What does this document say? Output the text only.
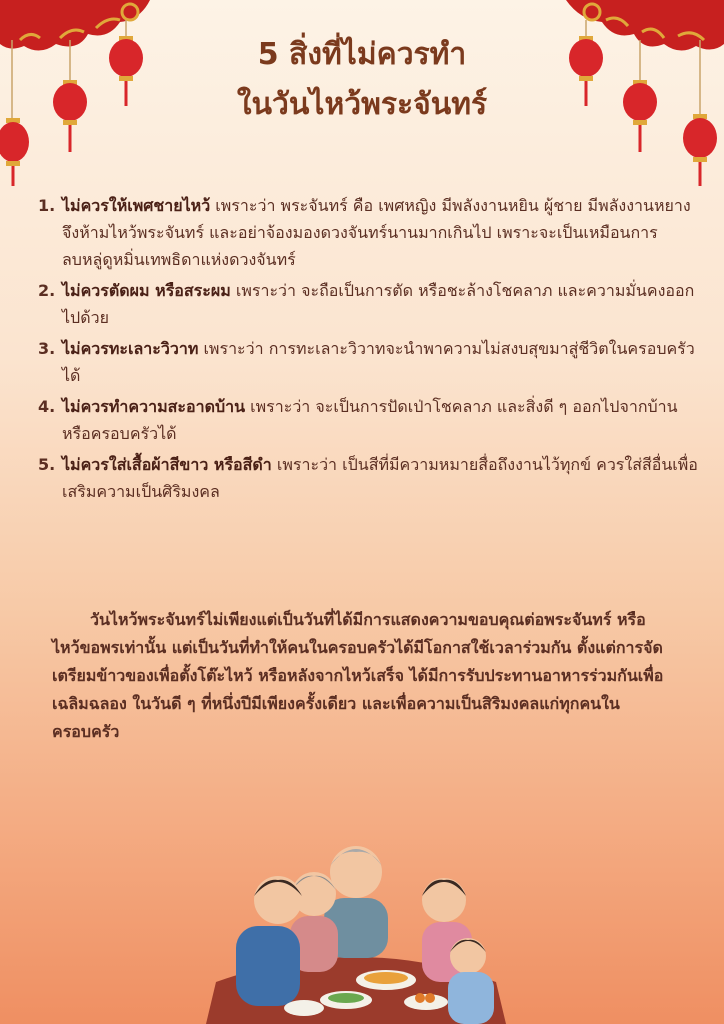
5 สิ่งที่ไม่ควรทำ
ในวันไหว้พระจันทร์
1. ไม่ควรให้เพศชายไหว้ เพราะว่า พระจันทร์ คือ เพศหญิง มีพลังงานหยิน ผู้ชาย มีพลังงานหยาง จึงห้ามไหว้พระจันทร์ และอย่าจ้องมองดวงจันทร์นานมากเกินไป เพราะจะเป็นเหมือนการลบหลู่ดูหมิ่นเทพธิดาแห่งดวงจันทร์
2. ไม่ควรตัดผม หรือสระผม เพราะว่า จะถือเป็นการตัด หรือชะล้างโชคลาภ และความมั่นคงออกไปด้วย
3. ไม่ควรทะเลาะวิวาท เพราะว่า การทะเลาะวิวาทจะนำพาความไม่สงบสุขมาสู่ชีวิตในครอบครัวได้
4. ไม่ควรทำความสะอาดบ้าน เพราะว่า จะเป็นการปัดเป่าโชคลาภ และสิ่งดี ๆ ออกไปจากบ้าน หรือครอบครัวได้
5. ไม่ควรใส่เสื้อผ้าสีขาว หรือสีดำ เพราะว่า เป็นสีที่มีความหมายสื่อถึงงานไว้ทุกข์ ควรใส่สีอื่นเพื่อเสริมความเป็นศิริมงคล
วันไหว้พระจันทร์ไม่เพียงแต่เป็นวันที่ได้มีการแสดงความขอบคุณต่อพระจันทร์ หรือไหว้ขอพรเท่านั้น แต่เป็นวันที่ทำให้คนในครอบครัวได้มีโอกาสใช้เวลาร่วมกัน ตั้งแต่การจัดเตรียมข้าวของเพื่อตั้งโต๊ะไหว้ หรือหลังจากไหว้เสร็จ ได้มีการรับประทานอาหารร่วมกันเพื่อเฉลิมฉลอง ในวันดี ๆ ที่หนึ่งปีมีเพียงครั้งเดียว และเพื่อความเป็นสิริมงคลแก่ทุกคนในครอบครัว
